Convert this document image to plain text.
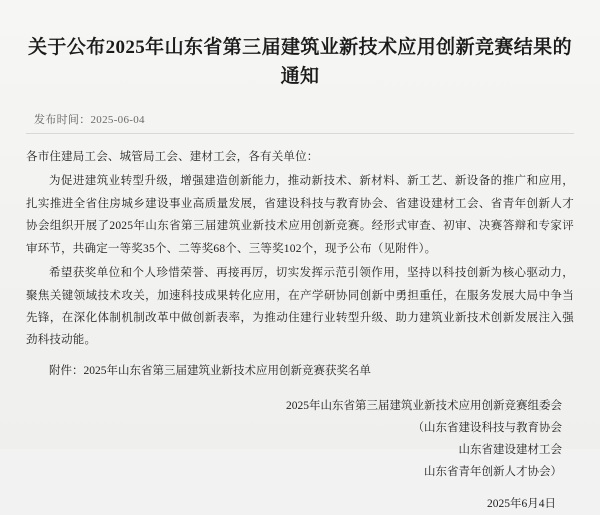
关于公布2025年山东省第三届建筑业新技术应用创新竞赛结果的通知
发布时间：2025-06-04

各市住建局工会、城管局工会、建材工会，各有关单位：

为促进建筑业转型升级，增强建造创新能力，推动新技术、新材料、新工艺、新设备的推广和应用，扎实推进全省住房城乡建设事业高质量发展，省建设科技与教育协会、省建设建材工会、省青年创新人才协会组织开展了2025年山东省第三届建筑业新技术应用创新竞赛。经形式审查、初审、决赛答辩和专家评审环节，共确定一等奖35个、二等奖68个、三等奖102个，现予公布（见附件）。

希望获奖单位和个人珍惜荣誉、再接再厉，切实发挥示范引领作用，坚持以科技创新为核心驱动力，聚焦关键领域技术攻关，加速科技成果转化应用，在产学研协同创新中勇担重任，在服务发展大局中争当先锋，在深化体制机制改革中做创新表率，为推动住建行业转型升级、助力建筑业新技术创新发展注入强劲科技动能。

附件：2025年山东省第三届建筑业新技术应用创新竞赛获奖名单
2025年山东省第三届建筑业新技术应用创新竞赛组委会
（山东省建设科技与教育协会
山东省建设建材工会
山东省青年创新人才协会）
2025年6月4日
